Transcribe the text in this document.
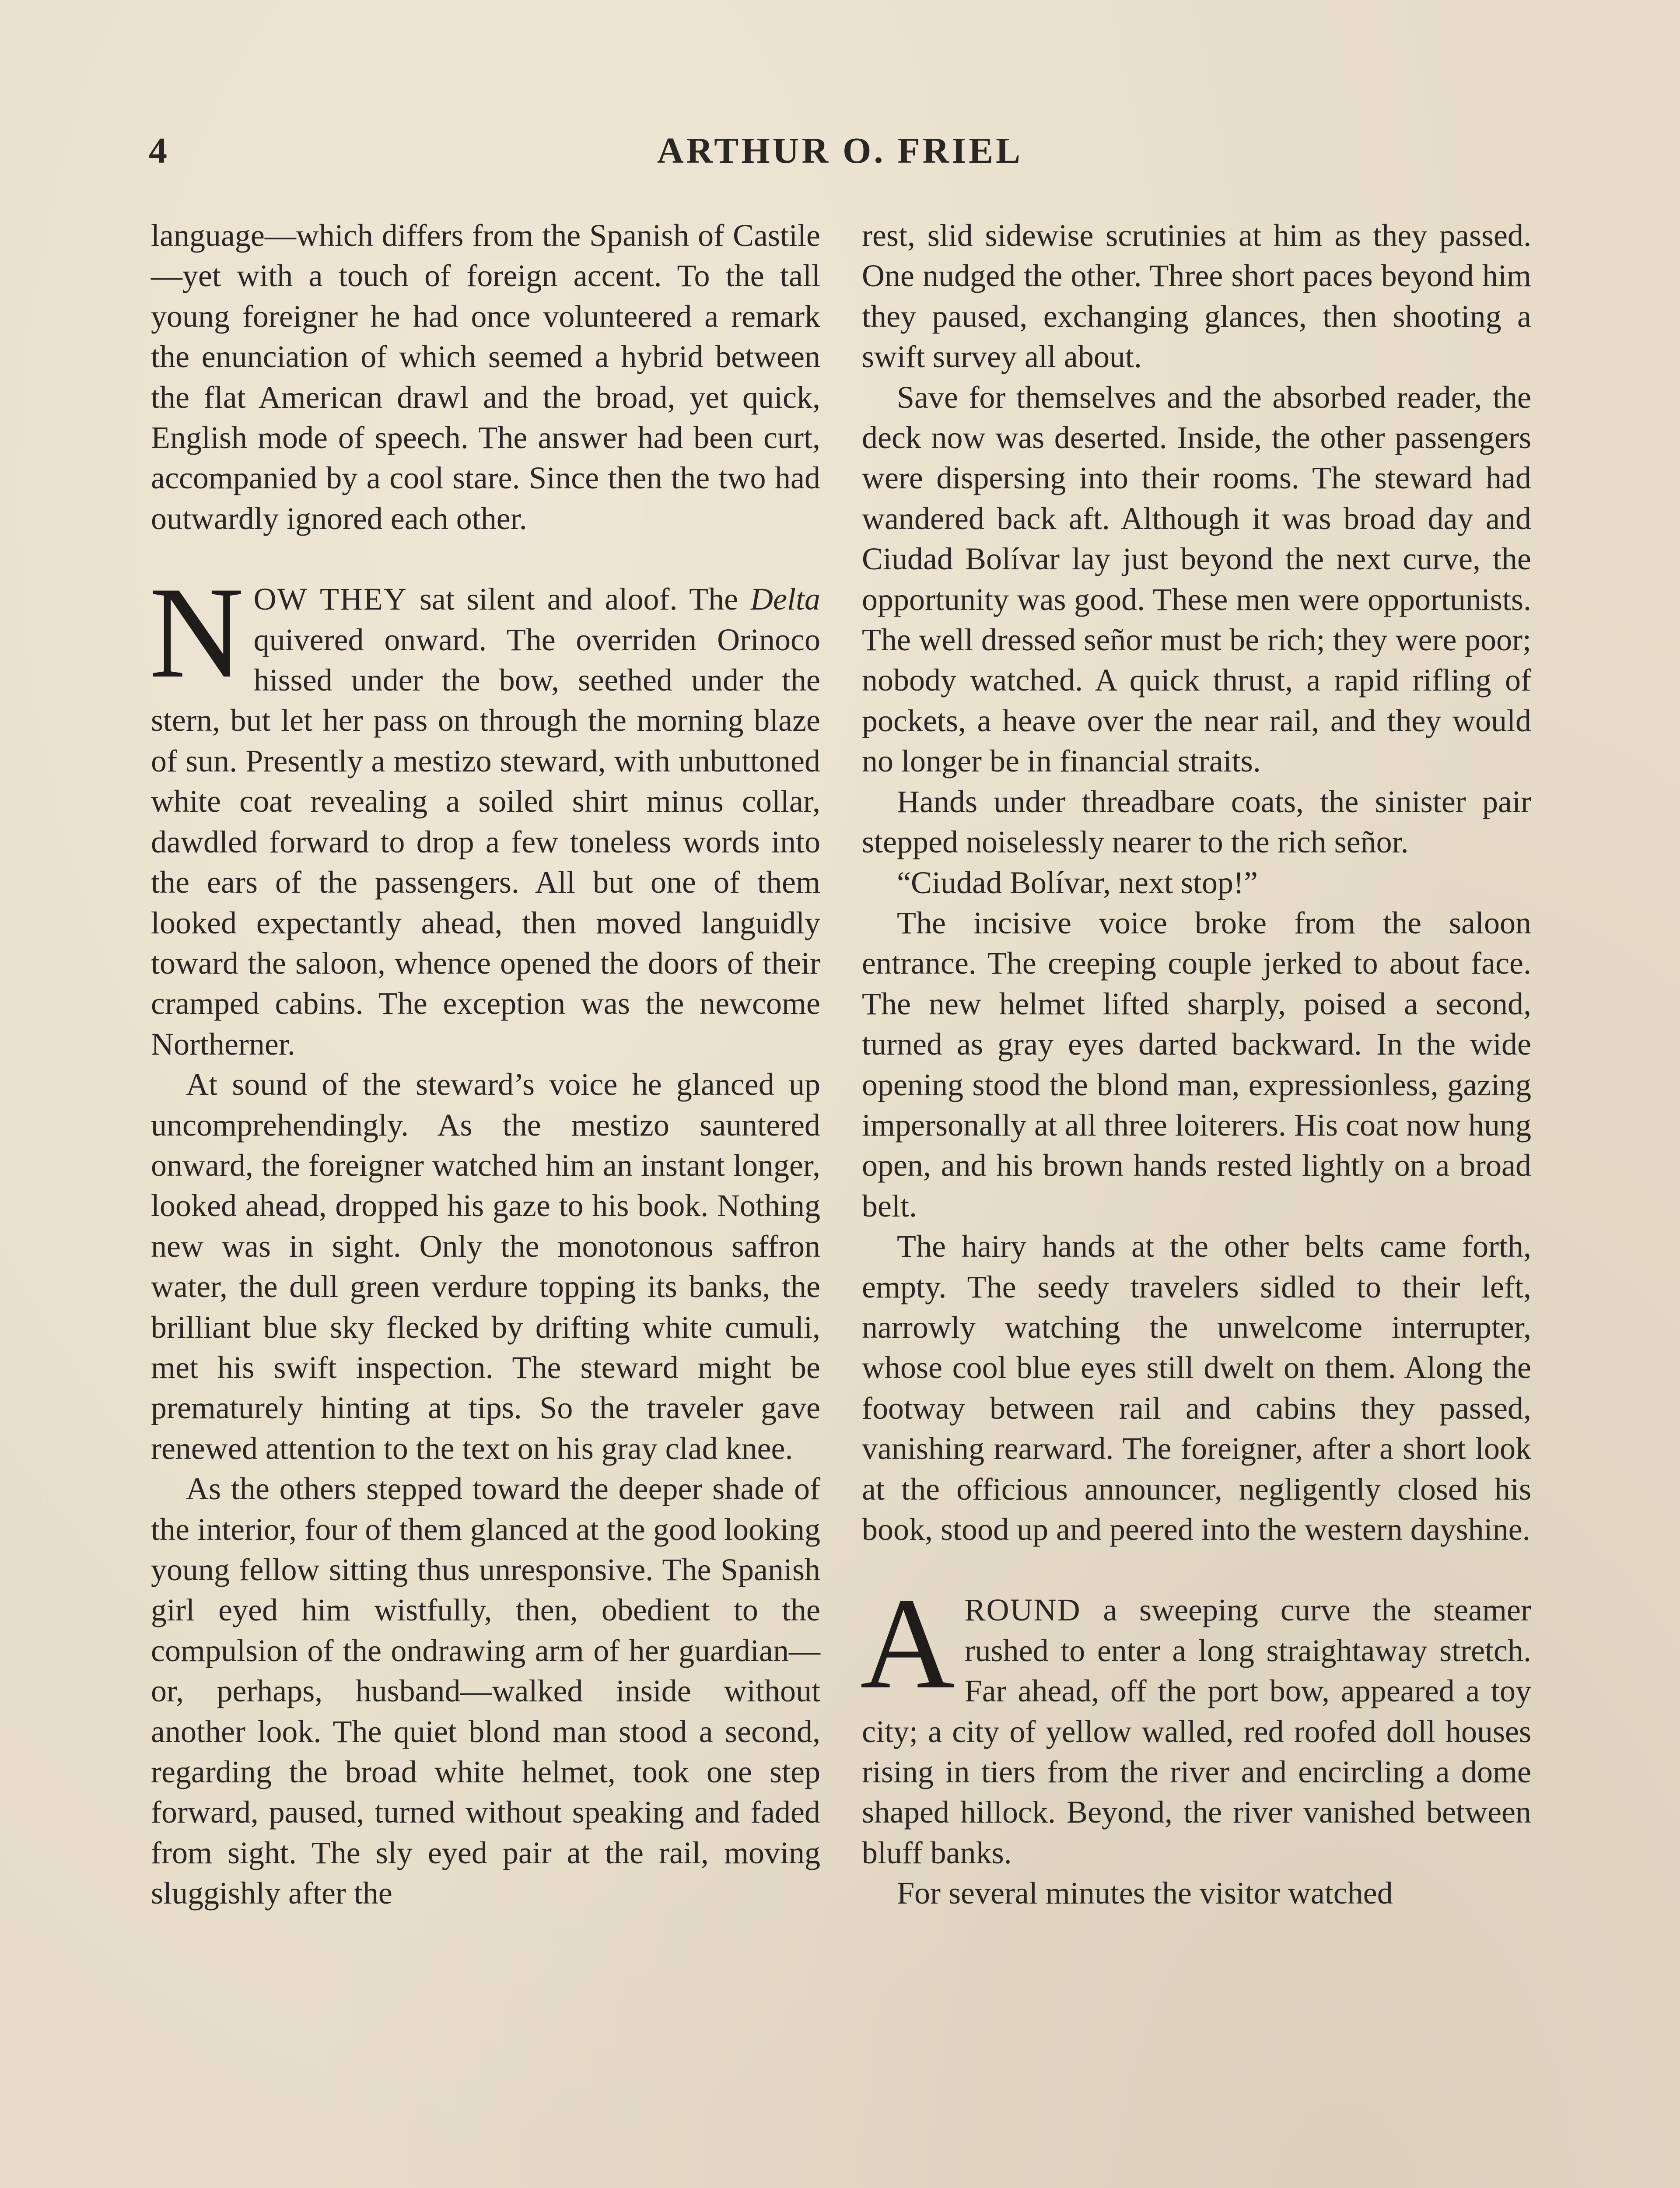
4	ARTHUR O. FRIEL

language—which differs from the Spanish of Castile—yet with a touch of foreign accent. To the tall young foreigner he had once volunteered a remark the enunciation of which seemed a hybrid between the flat American drawl and the broad, yet quick, English mode of speech. The answer had been curt, accompanied by a cool stare. Since then the two had outwardly ignored each other.

NOW THEY sat silent and aloof. The Delta quivered onward. The overriden Orinoco hissed under the bow, seethed under the stern, but let her pass on through the morning blaze of sun. Presently a mestizo steward, with unbuttoned white coat revealing a soiled shirt minus collar, dawdled forward to drop a few toneless words into the ears of the passengers. All but one of them looked expectantly ahead, then moved languidly toward the saloon, whence opened the doors of their cramped cabins. The exception was the newcome Northerner.

At sound of the steward’s voice he glanced up uncomprehendingly. As the mestizo sauntered onward, the foreigner watched him an instant longer, looked ahead, dropped his gaze to his book. Nothing new was in sight. Only the monotonous saffron water, the dull green verdure topping its banks, the brilliant blue sky flecked by drifting white cumuli, met his swift inspection. The steward might be prematurely hinting at tips. So the traveler gave renewed attention to the text on his gray clad knee.

As the others stepped toward the deeper shade of the interior, four of them glanced at the good looking young fellow sitting thus unresponsive. The Spanish girl eyed him wistfully, then, obedient to the compulsion of the ondrawing arm of her guardian—or, perhaps, husband—walked inside without another look. The quiet blond man stood a second, regarding the broad white helmet, took one step forward, paused, turned without speaking and faded from sight. The sly eyed pair at the rail, moving sluggishly after the

rest, slid sidewise scrutinies at him as they passed. One nudged the other. Three short paces beyond him they paused, exchanging glances, then shooting a swift survey all about.

Save for themselves and the absorbed reader, the deck now was deserted. Inside, the other passengers were dispersing into their rooms. The steward had wandered back aft. Although it was broad day and Ciudad Bolívar lay just beyond the next curve, the opportunity was good. These men were opportunists. The well dressed señor must be rich; they were poor; nobody watched. A quick thrust, a rapid rifling of pockets, a heave over the near rail, and they would no longer be in financial straits.

Hands under threadbare coats, the sinister pair stepped noiselessly nearer to the rich señor.

“Ciudad Bolívar, next stop!”

The incisive voice broke from the saloon entrance. The creeping couple jerked to about face. The new helmet lifted sharply, poised a second, turned as gray eyes darted backward. In the wide opening stood the blond man, expressionless, gazing impersonally at all three loiterers. His coat now hung open, and his brown hands rested lightly on a broad belt.

The hairy hands at the other belts came forth, empty. The seedy travelers sidled to their left, narrowly watching the unwelcome interrupter, whose cool blue eyes still dwelt on them. Along the footway between rail and cabins they passed, vanishing rearward. The foreigner, after a short look at the officious announcer, negligently closed his book, stood up and peered into the western dayshine.

AROUND a sweeping curve the steamer rushed to enter a long straightaway stretch. Far ahead, off the port bow, appeared a toy city; a city of yellow walled, red roofed doll houses rising in tiers from the river and encircling a dome shaped hillock. Beyond, the river vanished between bluff banks.

For several minutes the visitor watched
